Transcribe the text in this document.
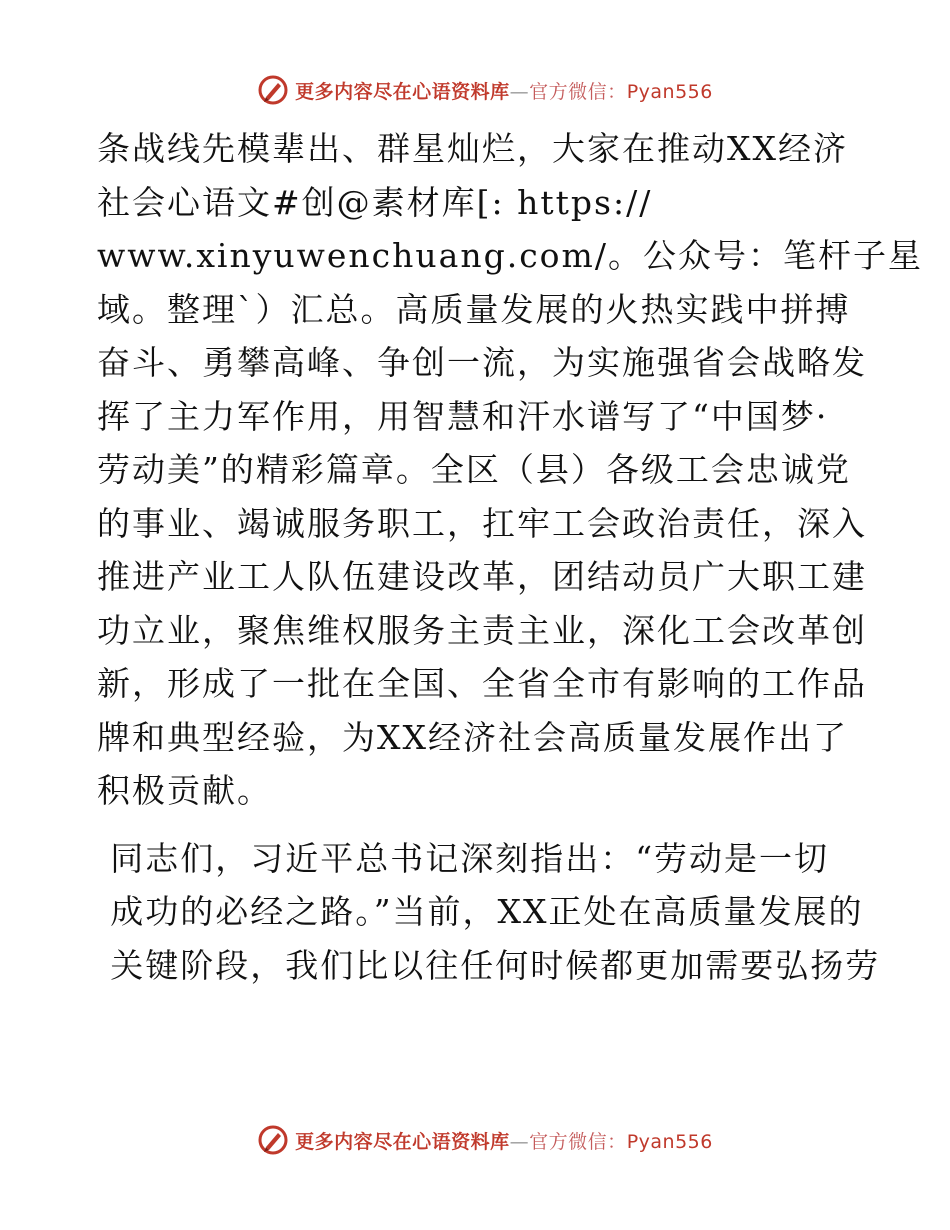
更多内容尽在心语资料库—官方微信：Pyan556

条战线先模辈出、群星灿烂，大家在推动XX经济
社会心语文#创@素材库[: https://
www.xinyuwenchuang.com/。公众号：笔杆子星
域。整理`）汇总。高质量发展的火热实践中拼搏
奋斗、勇攀高峰、争创一流，为实施强省会战略发
挥了主力军作用，用智慧和汗水谱写了“中国梦·
劳动美”的精彩篇章。全区（县）各级工会忠诚党
的事业、竭诚服务职工，扛牢工会政治责任，深入
推进产业工人队伍建设改革，团结动员广大职工建
功立业，聚焦维权服务主责主业，深化工会改革创
新，形成了一批在全国、全省全市有影响的工作品
牌和典型经验，为XX经济社会高质量发展作出了
积极贡献。

同志们，习近平总书记深刻指出：“劳动是一切
成功的必经之路。”当前，XX正处在高质量发展的
关键阶段，我们比以往任何时候都更加需要弘扬劳

更多内容尽在心语资料库—官方微信：Pyan556
